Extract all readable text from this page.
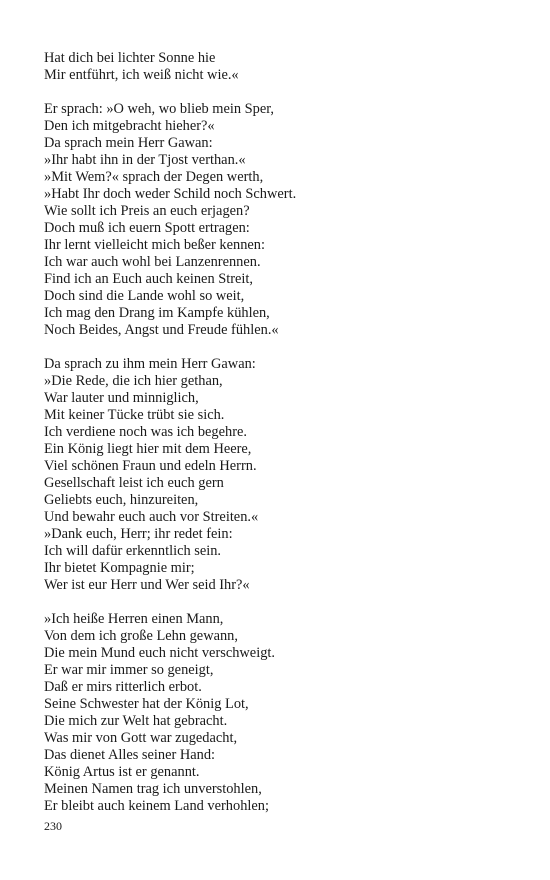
Hat dich bei lichter Sonne hie
Mir entführt, ich weiß nicht wie.«
Er sprach: »O weh, wo blieb mein Sper,
Den ich mitgebracht hieher?«
Da sprach mein Herr Gawan:
»Ihr habt ihn in der Tjost verthan.«
»Mit Wem?« sprach der Degen werth,
»Habt Ihr doch weder Schild noch Schwert.
Wie sollt ich Preis an euch erjagen?
Doch muß ich euern Spott ertragen:
Ihr lernt vielleicht mich beßer kennen:
Ich war auch wohl bei Lanzenrennen.
Find ich an Euch auch keinen Streit,
Doch sind die Lande wohl so weit,
Ich mag den Drang im Kampfe kühlen,
Noch Beides, Angst und Freude fühlen.«
Da sprach zu ihm mein Herr Gawan:
»Die Rede, die ich hier gethan,
War lauter und minniglich,
Mit keiner Tücke trübt sie sich.
Ich verdiene noch was ich begehre.
Ein König liegt hier mit dem Heere,
Viel schönen Fraun und edeln Herrn.
Gesellschaft leist ich euch gern
Geliebts euch, hinzureiten,
Und bewahr euch auch vor Streiten.«
»Dank euch, Herr; ihr redet fein:
Ich will dafür erkenntlich sein.
Ihr bietet Kompagnie mir;
Wer ist eur Herr und Wer seid Ihr?«
»Ich heiße Herren einen Mann,
Von dem ich große Lehn gewann,
Die mein Mund euch nicht verschweigt.
Er war mir immer so geneigt,
Daß er mirs ritterlich erbot.
Seine Schwester hat der König Lot,
Die mich zur Welt hat gebracht.
Was mir von Gott war zugedacht,
Das dienet Alles seiner Hand:
König Artus ist er genannt.
Meinen Namen trag ich unverstohlen,
Er bleibt auch keinem Land verhohlen;
230
